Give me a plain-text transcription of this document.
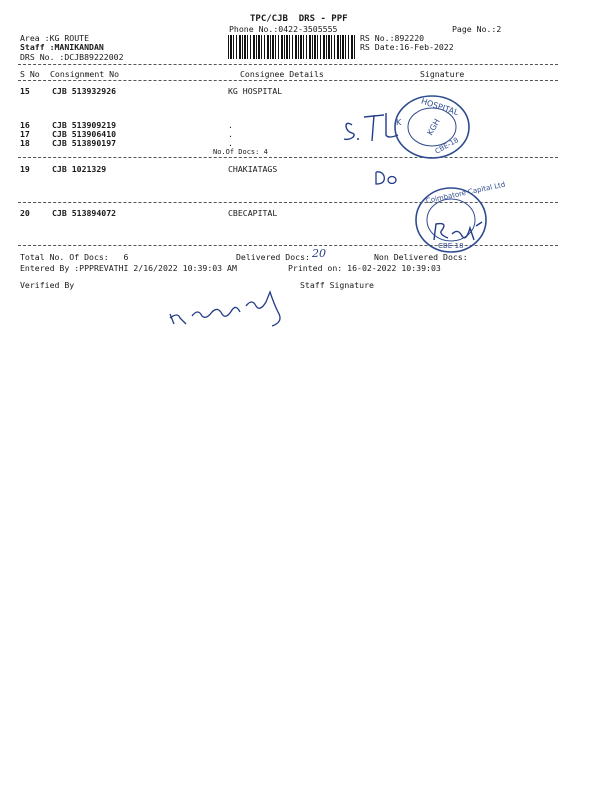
TPC/CJB  DRS - PPF
Phone No.:0422-3505555	Page No.:2
Area :KG ROUTE
Staff :MANIKANDAN
DRS No. :DCJB89222002
RS No.:892220
RS Date:16-Feb-2022
S No Consignment No	Consignee Details	Signature
15	CJB 513932926	KG HOSPITAL
16	CJB 513909219	.
17	CJB 513906410	.
18	CJB 513890197	.
No.Of Docs: 4
19	CJB 1021329	CHAKIATAGS
20	CJB 513894072	CBECAPITAL
Total No. Of Docs:   6	Delivered Docs: 20	Non Delivered Docs:
Entered By :PPPREVATHI 2/16/2022 10:39:03 AM	Printed on: 16-02-2022 10:39:03
Verified By	Staff Signature
HOSPITAL
KGH
CBE-18
K
Coimbatore Capital Ltd
CBE-18
